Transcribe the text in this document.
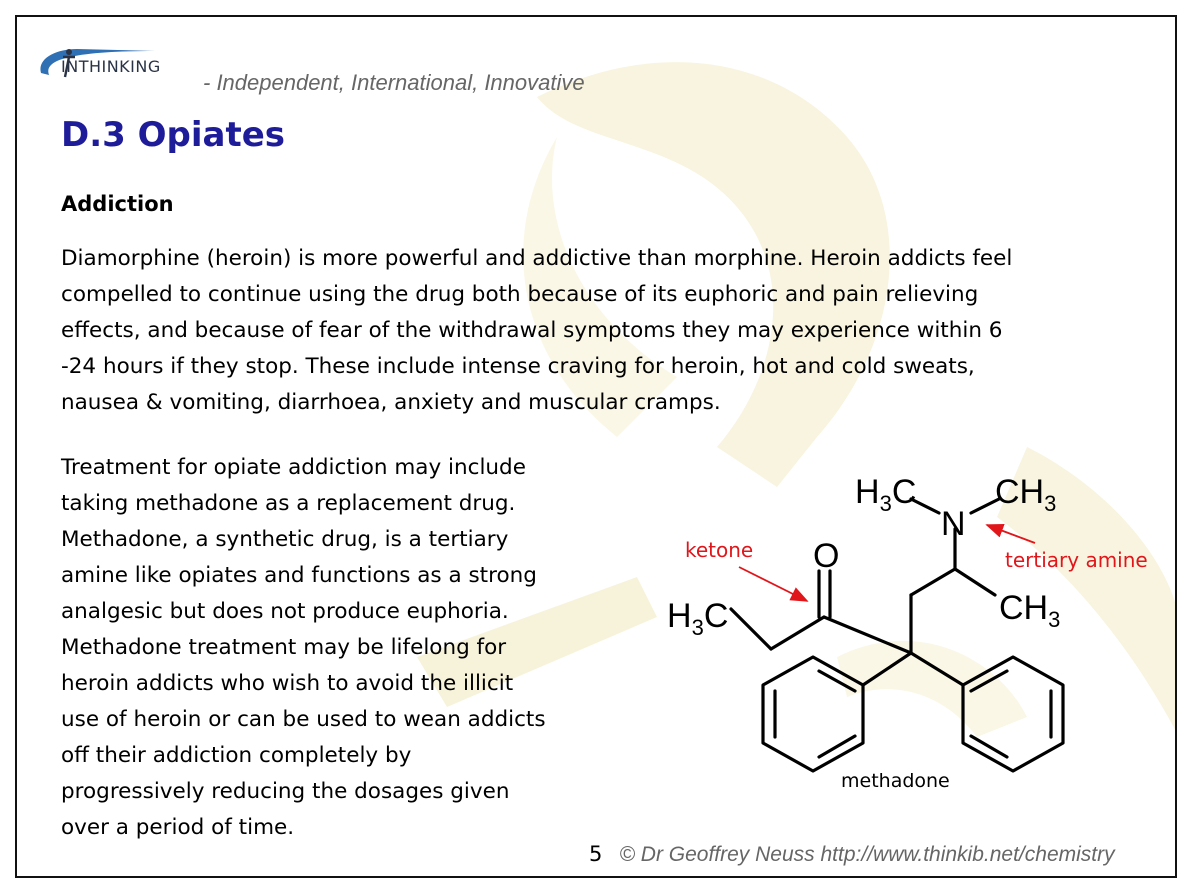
INTHINKING
- Independent, International, Innovative
D.3 Opiates
Addiction
Diamorphine (heroin) is more powerful and addictive than morphine. Heroin addicts feel
compelled to continue using the drug both because of its euphoric and pain relieving
effects, and because of fear of the withdrawal symptoms they may experience within 6
-24 hours if they stop. These include intense craving for heroin, hot and cold sweats,
nausea & vomiting, diarrhoea, anxiety and muscular cramps.
Treatment for opiate addiction may include
taking methadone as a replacement drug.
Methadone, a synthetic drug, is a tertiary
amine like opiates and functions as a strong
analgesic but does not produce euphoria.
Methadone treatment may be lifelong for
heroin addicts who wish to avoid the illicit
use of heroin or can be used to wean addicts
off their addiction completely by
progressively reducing the dosages given
over a period of time.
$H_3C$
N
$CH_3$
O
$H_3C$	$CH_3$
ketone	tertiary amine
methadone
5 © Dr Geoffrey Neuss http://www.thinkib.net/chemistry
